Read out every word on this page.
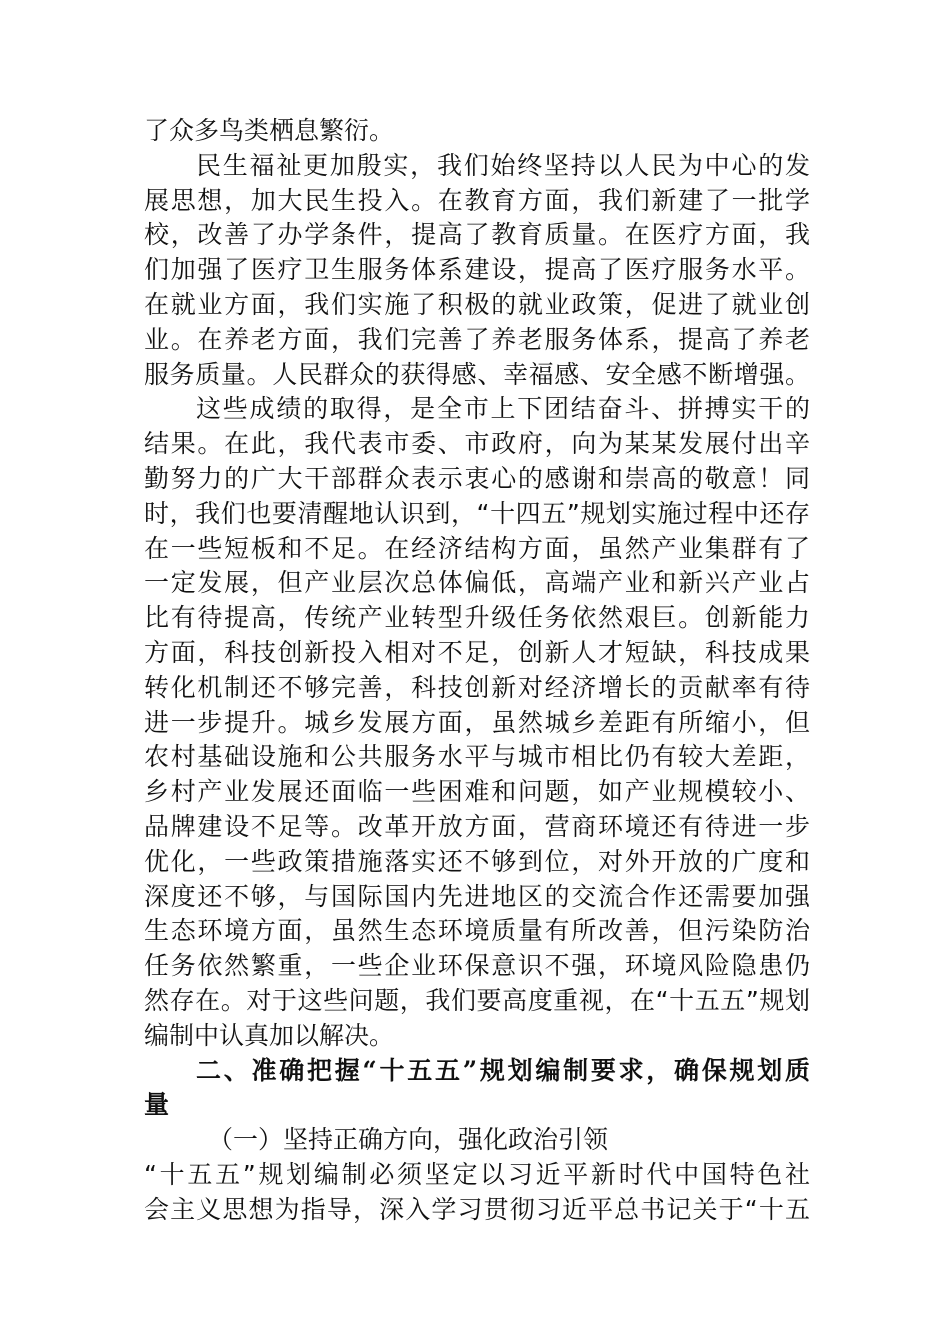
了众多鸟类栖息繁衍。
民生福祉更加殷实，我们始终坚持以人民为中心的发
展思想，加大民生投入。在教育方面，我们新建了一批学
校，改善了办学条件，提高了教育质量。在医疗方面，我
们加强了医疗卫生服务体系建设，提高了医疗服务水平。
在就业方面，我们实施了积极的就业政策，促进了就业创
业。在养老方面，我们完善了养老服务体系，提高了养老
服务质量。人民群众的获得感、幸福感、安全感不断增强。
这些成绩的取得，是全市上下团结奋斗、拼搏实干的
结果。在此，我代表市委、市政府，向为某某发展付出辛
勤努力的广大干部群众表示衷心的感谢和崇高的敬意！同
时，我们也要清醒地认识到，“十四五”规划实施过程中还存
在一些短板和不足。在经济结构方面，虽然产业集群有了
一定发展，但产业层次总体偏低，高端产业和新兴产业占
比有待提高，传统产业转型升级任务依然艰巨。创新能力
方面，科技创新投入相对不足，创新人才短缺，科技成果
转化机制还不够完善，科技创新对经济增长的贡献率有待
进一步提升。城乡发展方面，虽然城乡差距有所缩小，但
农村基础设施和公共服务水平与城市相比仍有较大差距，
乡村产业发展还面临一些困难和问题，如产业规模较小、
品牌建设不足等。改革开放方面，营商环境还有待进一步
优化，一些政策措施落实还不够到位，对外开放的广度和
深度还不够，与国际国内先进地区的交流合作还需要加强
生态环境方面，虽然生态环境质量有所改善，但污染防治
任务依然繁重，一些企业环保意识不强，环境风险隐患仍
然存在。对于这些问题，我们要高度重视，在“十五五”规划
编制中认真加以解决。
二、准确把握“十五五”规划编制要求，确保规划质
量
（一）坚持正确方向，强化政治引领
“十五五”规划编制必须坚定以习近平新时代中国特色社
会主义思想为指导，深入学习贯彻习近平总书记关于“十五
